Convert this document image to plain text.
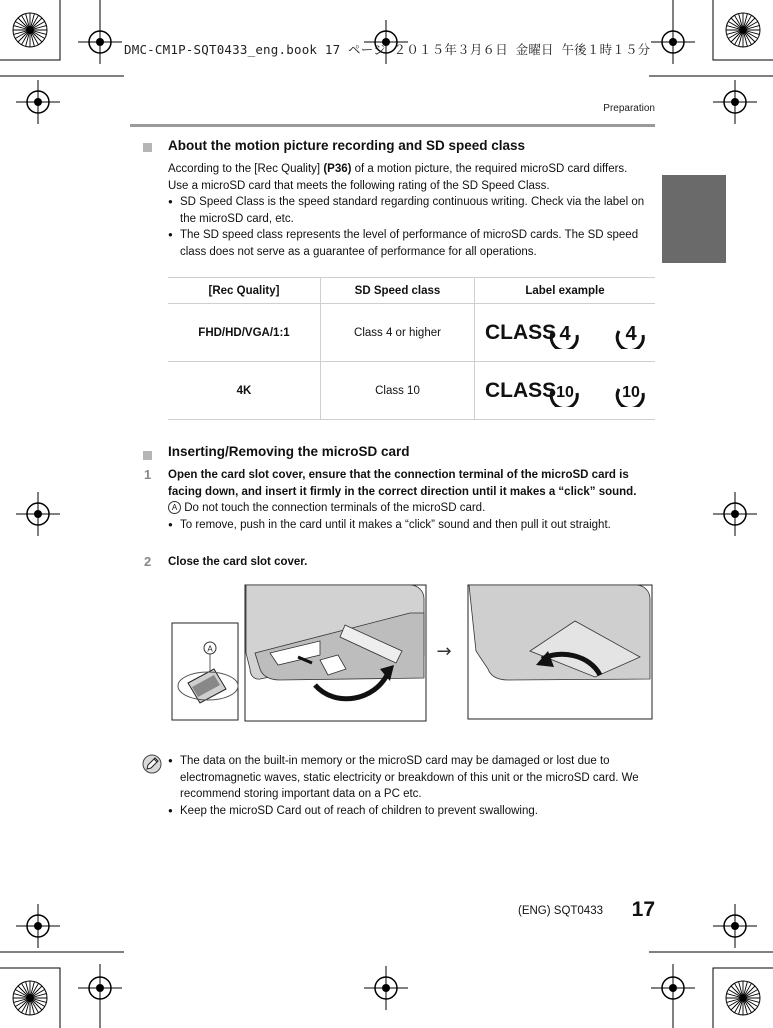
DMC-CM1P-SQT0433_eng.book 17 ページ ２０１５年３月６日 金曜日 午後１時１５分
Preparation
About the motion picture recording and SD speed class
According to the [Rec Quality] (P36) of a motion picture, the required microSD card differs. Use a microSD card that meets the following rating of the SD Speed Class.
● SD Speed Class is the speed standard regarding continuous writing. Check via the label on the microSD card, etc.
● The SD speed class represents the level of performance of microSD cards. The SD speed class does not serve as a guarantee of performance for all operations.
[Rec Quality]	SD Speed class	Label example
FHD/HD/VGA/1:1	Class 4 or higher	CLASS 4 4

4K	Class 10	CLASS 10 10
Inserting/Removing the microSD card
1 Open the card slot cover, ensure that the connection terminal of the microSD card is facing down, and insert it firmly in the correct direction until it makes a “click” sound.
A Do not touch the connection terminals of the microSD card.
● To remove, push in the card until it makes a “click” sound and then pull it out straight.
2 Close the card slot cover.
A	→
● The data on the built-in memory or the microSD card may be damaged or lost due to electromagnetic waves, static electricity or breakdown of this unit or the microSD card. We recommend storing important data on a PC etc.
● Keep the microSD Card out of reach of children to prevent swallowing.
(ENG) SQT0433 17
